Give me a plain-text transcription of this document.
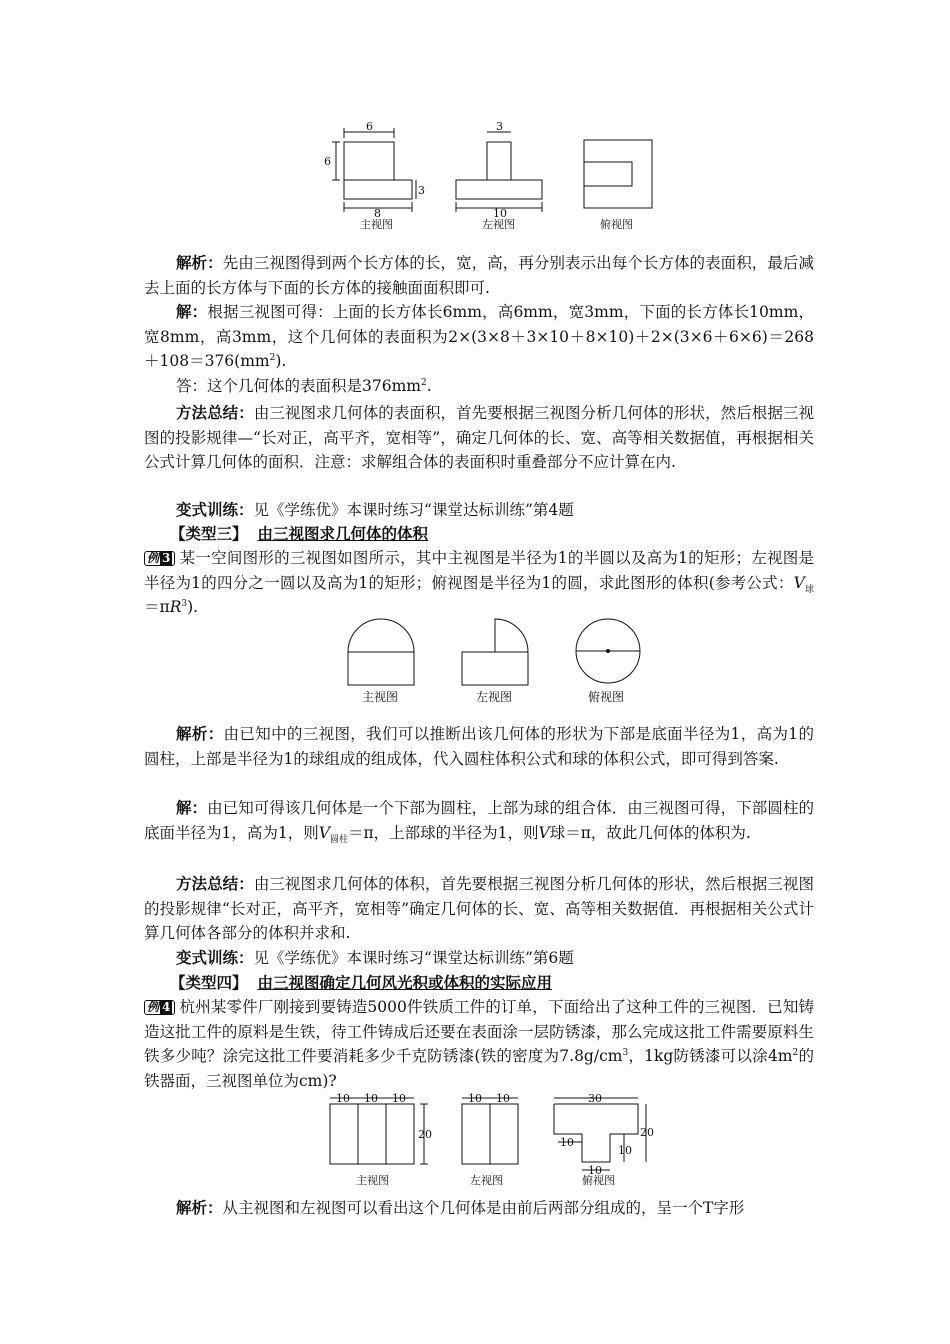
6
6
3
8
3
10
主视图	左视图	俯视图

解析：先由三视图得到两个长方体的长，宽，高，再分别表示出每个长方体的表面积，最后减去上面的长方体与下面的长方体的接触面面积即可.

解：根据三视图可得：上面的长方体长6mm，高6mm，宽3mm，下面的长方体长10mm，宽8mm，高3mm，这个几何体的表面积为$2\times(3\times 8+3\times 10+8\times 10)+2\times(3\times 6+6\times 6)=268+108=376(mm^2)$.

答：这个几何体的表面积是$376mm^2$.

方法总结：由三视图求几何体的表面积，首先要根据三视图分析几何体的形状，然后根据三视图的投影规律—“长对正，高平齐，宽相等”，确定几何体的长、宽、高等相关数据值，再根据相关公式计算几何体的面积．注意：求解组合体的表面积时重叠部分不应计算在内.

变式训练：见《学练优》本课时练习“课堂达标训练”第4题

【类型三】 由三视图求几何体的体积

例 3 某一空间图形的三视图如图所示，其中主视图是半径为1的半圆以及高为1的矩形；左视图是半径为1的四分之一圆以及高为1的矩形；俯视图是半径为1的圆，求此图形的体积(参考公式：$V_球=\pi R^3$).

主视图	左视图	俯视图

解析：由已知中的三视图，我们可以推断出该几何体的形状为下部是底面半径为1，高为1的圆柱，上部是半径为1的球组成的组成体，代入圆柱体积公式和球的体积公式，即可得到答案.

解：由已知可得该几何体是一个下部为圆柱，上部为球的组合体．由三视图可得，下部圆柱的底面半径为1，高为1，则$V_{圆柱}=\pi$，上部球的半径为1，则V球＝π，故此几何体的体积为.

方法总结：由三视图求几何体的体积，首先要根据三视图分析几何体的形状，然后根据三视图的投影规律“长对正，高平齐，宽相等”确定几何体的长、宽、高等相关数据值．再根据相关公式计算几何体各部分的体积并求和.

变式训练：见《学练优》本课时练习“课堂达标训练”第6题

【类型四】 由三视图确定几何风光积或体积的实际应用

例 4 杭州某零件厂刚接到要铸造5000件铁质工件的订单，下面给出了这种工件的三视图．已知铸造这批工件的原料是生铁，待工件铸成后还要在表面涂一层防锈漆，那么完成这批工件需要原料生铁多少吨？涂完这批工件要消耗多少千克防锈漆(铁的密度为$7.8g/cm^3$，1kg防锈漆可以涂$4m^2$的铁器面，三视图单位为cm)?

10 10 10
20
10 10	30
20
10
10
10
主视图	左视图	俯视图

解析：从主视图和左视图可以看出这个几何体是由前后两部分组成的，呈一个T字形
